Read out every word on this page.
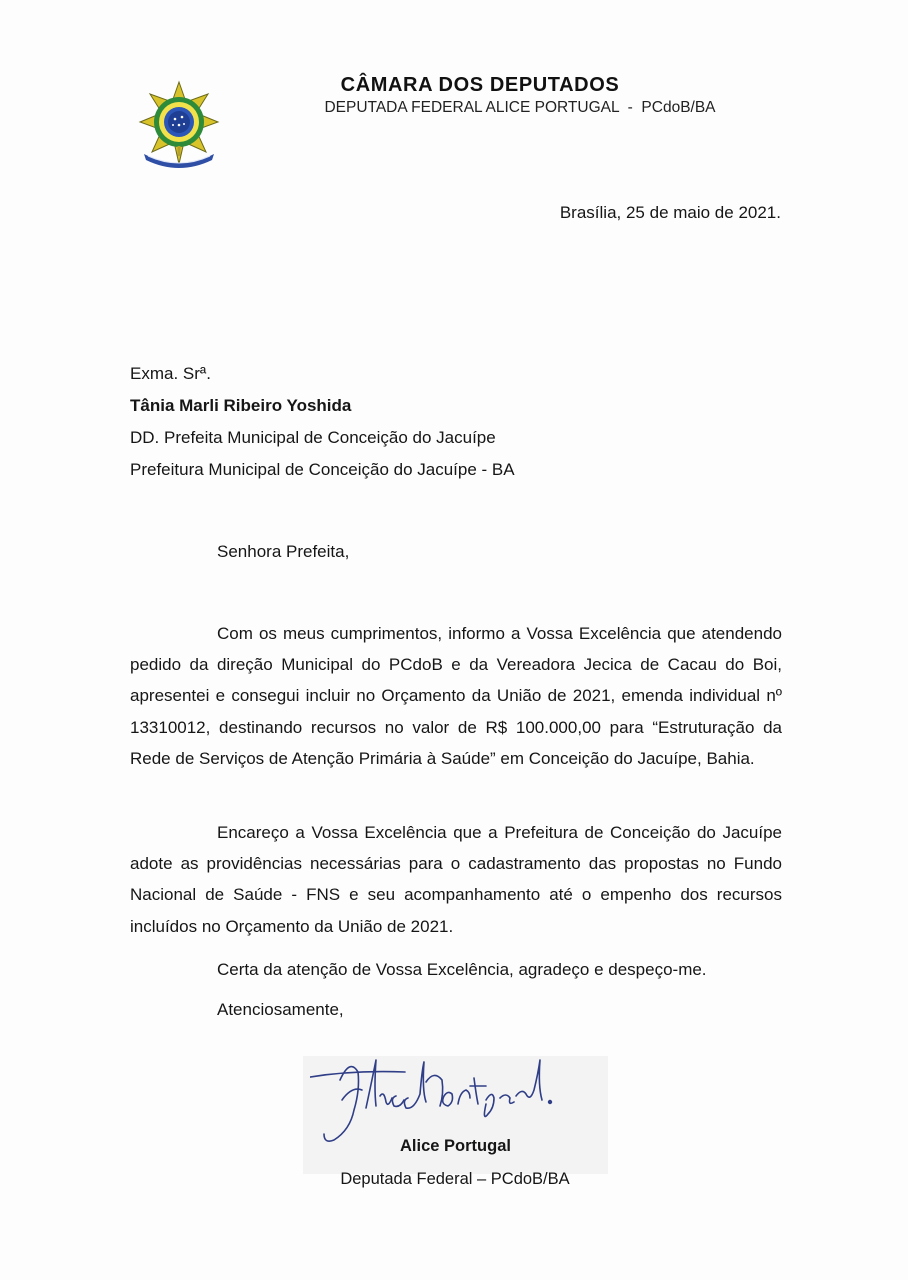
CÂMARA DOS DEPUTADOS
DEPUTADA FEDERAL ALICE PORTUGAL  -  PCdoB/BA
Brasília, 25 de maio de 2021.
Exma. Srª.
Tânia Marli Ribeiro Yoshida
DD. Prefeita Municipal de Conceição do Jacuípe
Prefeitura Municipal de Conceição do Jacuípe - BA
Senhora Prefeita,
Com os meus cumprimentos, informo a Vossa Excelência que atendendo pedido da direção Municipal do PCdoB e da Vereadora Jecica de Cacau do Boi, apresentei e consegui incluir no Orçamento da União de 2021, emenda individual nº 13310012, destinando recursos no valor de R$ 100.000,00 para “Estruturação da Rede de Serviços de Atenção Primária à Saúde” em Conceição do Jacuípe, Bahia.
Encareço a Vossa Excelência que a Prefeitura de Conceição do Jacuípe adote as providências necessárias para o cadastramento das propostas no Fundo Nacional de Saúde - FNS e seu acompanhamento até o empenho dos recursos incluídos no Orçamento da União de 2021.
Certa da atenção de Vossa Excelência, agradeço e despeço-me.
Atenciosamente,
Alice Portugal
Deputada Federal – PCdoB/BA
